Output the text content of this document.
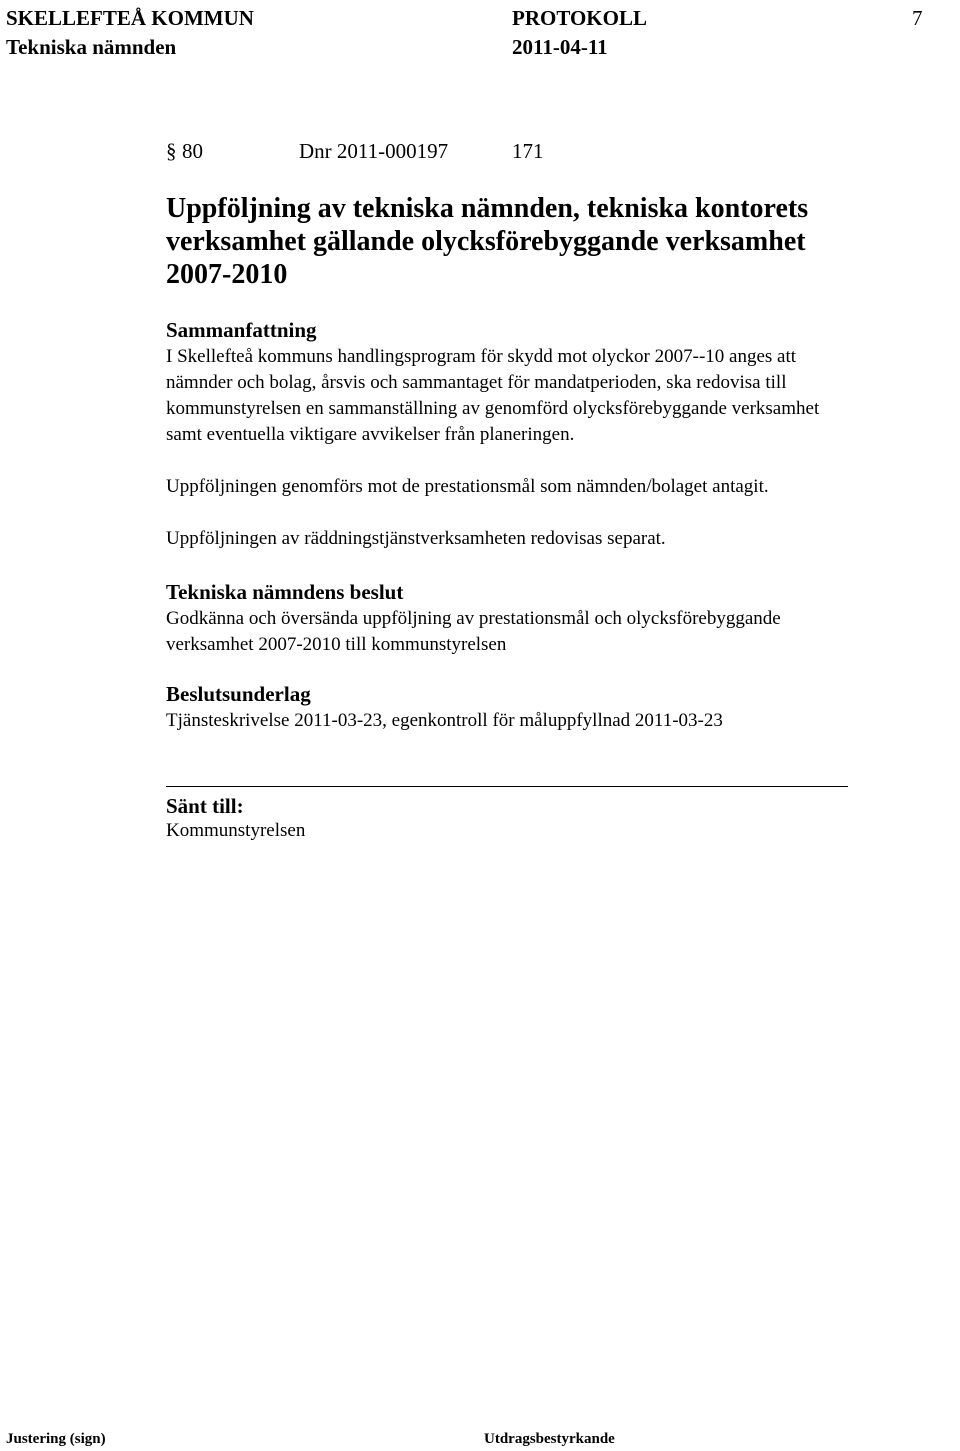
SKELLEFTEÅ KOMMUN
Tekniska nämnden
PROTOKOLL
2011-04-11
7
§ 80	Dnr 2011-000197	171
Uppföljning av tekniska nämnden, tekniska kontorets
verksamhet gällande olycksförebyggande verksamhet
2007-2010
Sammanfattning
I Skellefteå kommuns handlingsprogram för skydd mot olyckor 2007--10 anges att
nämnder och bolag, årsvis och sammantaget för mandatperioden, ska redovisa till
kommunstyrelsen en sammanställning av genomförd olycksförebyggande verksamhet
samt eventuella viktigare avvikelser från planeringen.
Uppföljningen genomförs mot de prestationsmål som nämnden/bolaget antagit.
Uppföljningen av räddningstjänstverksamheten redovisas separat.
Tekniska nämndens beslut
Godkänna och översända uppföljning av prestationsmål och olycksförebyggande
verksamhet 2007-2010 till kommunstyrelsen
Beslutsunderlag
Tjänsteskrivelse 2011-03-23, egenkontroll för måluppfyllnad 2011-03-23
Sänt till:
Kommunstyrelsen
Justering (sign)	Utdragsbestyrkande
